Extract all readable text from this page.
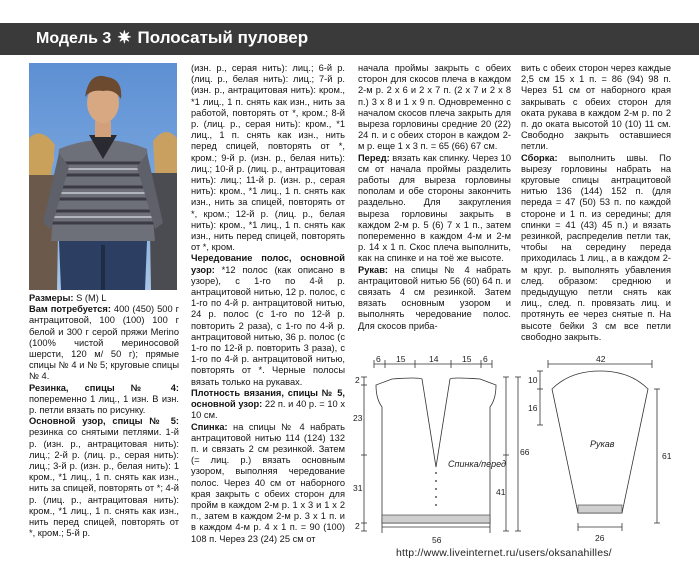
Модель 3 ✷ Полосатый пуловер

Размеры: S (M) L

Вам потребуется: 400 (450) 500 г антрацитовой, 100 (100) 100 г белой и 300 г серой пряжи Merino (100% чистой мериносовой шерсти, 120 м/ 50 г); прямые спицы № 4 и № 5; круговые спицы № 4.

Резинка, спицы № 4: попеременно 1 лиц., 1 изн. В изн. р. петли вязать по рисунку.

Основной узор, спицы № 5: резинка со снятыми петлями. 1-й р. (изн. р., антрацитовая нить): лиц.; 2-й р. (лиц. р., серая нить): лиц.; 3-й р. (изн. р., белая нить): 1 кром., *1 лиц., 1 п. снять как изн., нить за спицей, повторять от *; 4-й р. (лиц. р., антрацитовая нить): кром., *1 лиц., 1 п. снять как изн., нить перед спицей, повторять от *, кром.; 5-й р.

(изн. р., серая нить): лиц.; 6-й р. (лиц. р., белая нить): лиц.; 7-й р. (изн. р., антрацитовая нить): кром., *1 лиц., 1 п. снять как изн., нить за работой, повторять от *, кром.; 8-й р. (лиц. р., серая нить): кром., *1 лиц., 1 п. снять как изн., нить перед спицей, повторять от *, кром.; 9-й р. (изн. р., белая нить): лиц.; 10-й р. (лиц. р., антрацитовая нить): лиц.; 11-й р. (изн. р., серая нить): кром., *1 лиц., 1 п. снять как изн., нить за спицей, повторять от *, кром.; 12-й р. (лиц. р., белая нить): кром., *1 лиц., 1 п. снять как изн., нить перед спицей, повторять от *, кром.

Чередование полос, основной узор: *12 полос (как описано в узоре), с 1-го по 4-й р. антрацитовой нитью, 12 р. полос, с 1-го по 4-й р. антрацитовой нитью, 24 р. полос (с 1-го по 12-й р. повторить 2 раза), с 1-го по 4-й р. антрацитовой нитью, 36 р. полос (с 1-го по 12-й р. повторить 3 раза), с 1-го по 4-й р. антрацитовой нитью, повторять от *. Черные полосы вязать только на рукавах.

Плотность вязания, спицы № 5, основной узор: 22 п. и 40 р. = 10 х 10 см.

Спинка: на спицы № 4 набрать антрацитовой нитью 114 (124) 132 п. и связать 2 см резинкой. Затем (= лиц. р.) вязать основным узором, выполняя чередование полос. Через 40 см от наборного края закрыть с обеих сторон для пройм в каждом 2-м р. 1 х 3 и 1 х 2 п., затем в каждом 2-м р. 3 х 1 п. и в каждом 4-м р. 4 х 1 п. = 90 (100) 108 п. Через 23 (24) 25 см от

начала проймы закрыть с обеих сторон для скосов плеча в каждом 2-м р. 2 х 6 и 2 х 7 п. (2 х 7 и 2 х 8 п.) 3 х 8 и 1 х 9 п. Одновременно с началом скосов плеча закрыть для выреза горловины средние 20 (22) 24 п. и с обеих сторон в каждом 2-м р. еще 1 х 3 п. = 65 (66) 67 см.

Перед: вязать как спинку. Через 10 см от начала проймы разделить работы для выреза горловины пополам и обе стороны закончить раздельно. Для закругления выреза горловины закрыть в каждом 2-м р. 5 (6) 7 х 1 п., затем попеременно в каждом 4-м и 2-м р. 14 х 1 п. Скос плеча выполнить, как на спинке и на тоё же высоте.

Рукав: на спицы № 4 набрать антрацитовой нитью 56 (60) 64 п. и связать 4 см резинкой. Затем вязать основным узором и выполнять чередование полос. Для скосов приба-

вить с обеих сторон через каждые 2,5 см 15 х 1 п. = 86 (94) 98 п. Через 51 см от наборного края закрывать с обеих сторон для оката рукава в каждом 2-м р. по 2 п. до оката высотой 10 (10) 11 см. Свободно закрыть оставшиеся петли.

Сборка: выполнить швы. По вырезу горловины набрать на круговые спицы антрацитовой нитью 136 (144) 152 п. (для переда = 47 (50) 53 п. по каждой стороне и 1 п. из середины; для спинки = 41 (43) 45 п.) и вязать резинкой, распределив петли так, чтобы на середину переда приходилась 1 лиц., а в каждом 2-м круг. р. выполнять убавления след. образом: среднюю и предыдущую петли снять как лиц., след. п. провязать лиц. и протянуть ее через снятые п. На высоте бейки 3 см все петли свободно закрыть.

6 15	14	15 6
2
23
31
2
41
66
56
Спинка/перед
42
10
16
61
26
Рукав
http://www.liveinternet.ru/users/oksanahilles/
